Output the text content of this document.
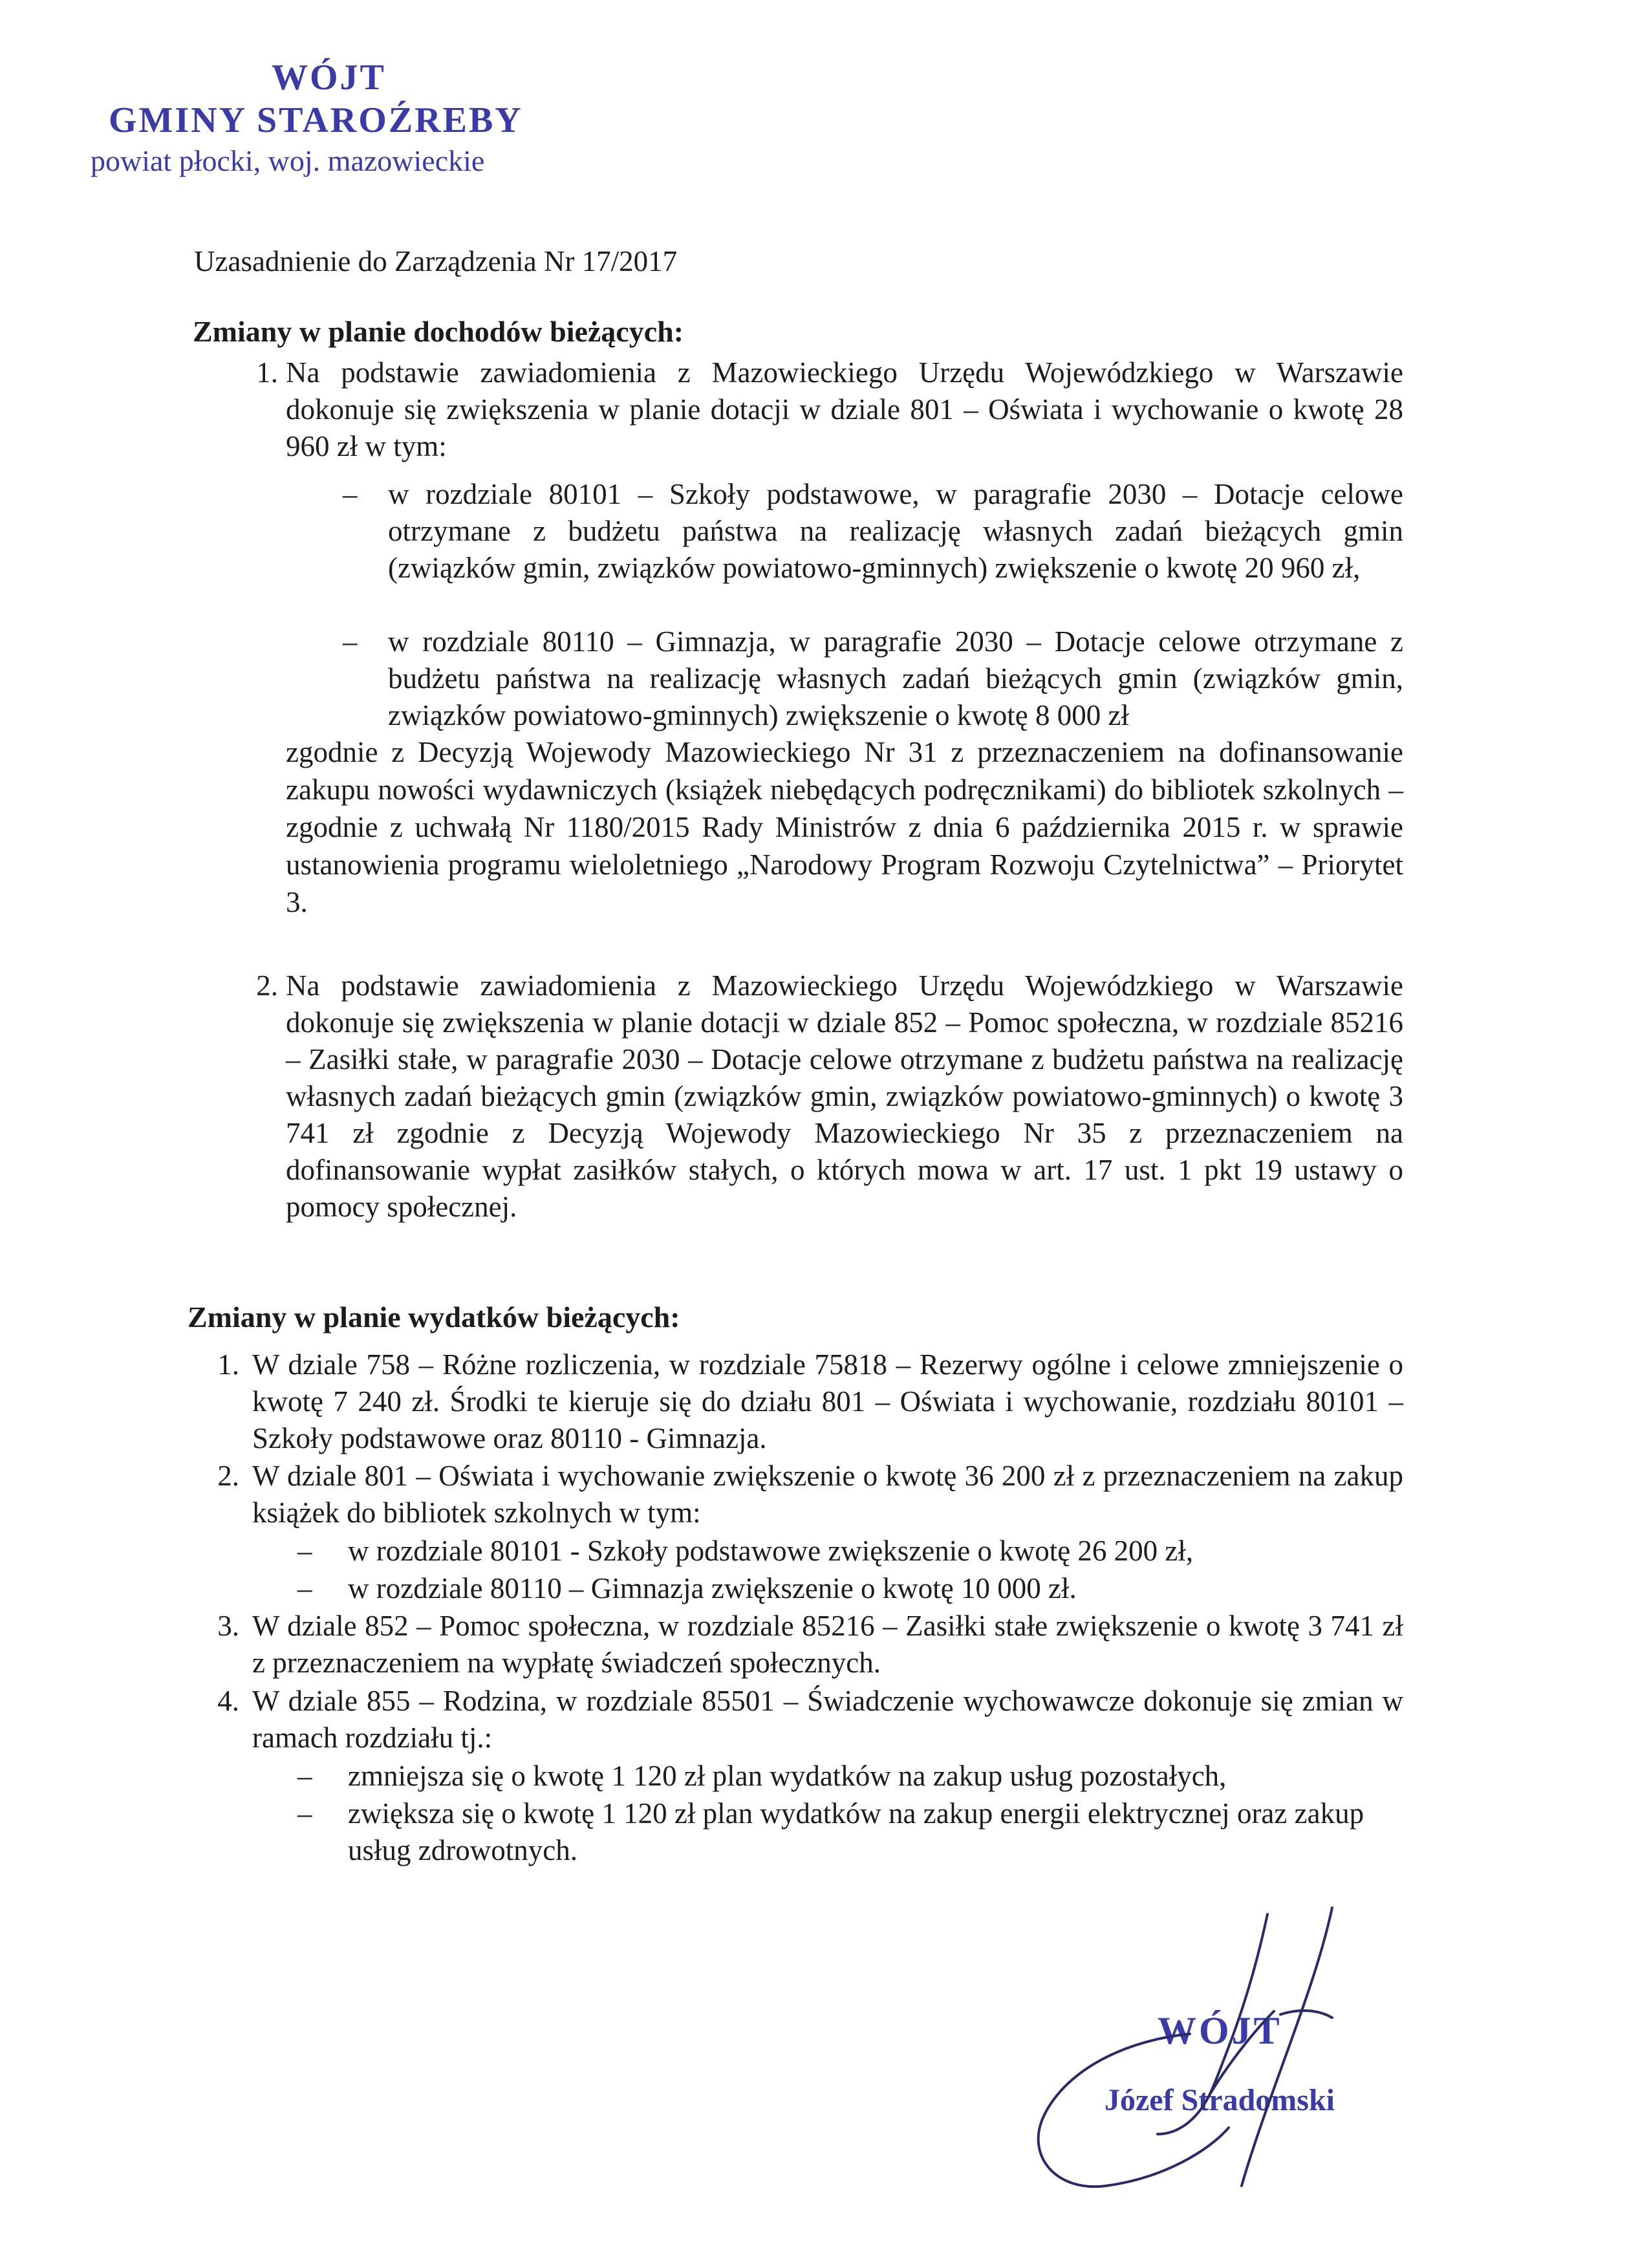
WÓJT
GMINY STAROŹREBY
powiat płocki, woj. mazowieckie
Uzasadnienie do Zarządzenia Nr 17/2017
Zmiany w planie dochodów bieżących:
1. Na podstawie zawiadomienia z Mazowieckiego Urzędu Wojewódzkiego w Warszawie dokonuje się zwiększenia w planie dotacji w dziale 801 – Oświata i wychowanie o kwotę 28 960 zł w tym:
– w rozdziale 80101 – Szkoły podstawowe, w paragrafie 2030 – Dotacje celowe otrzymane z budżetu państwa na realizację własnych zadań bieżących gmin (związków gmin, związków powiatowo-gminnych) zwiększenie o kwotę 20 960 zł,
– w rozdziale 80110 – Gimnazja, w paragrafie 2030 – Dotacje celowe otrzymane z budżetu państwa na realizację własnych zadań bieżących gmin (związków gmin, związków powiatowo-gminnych) zwiększenie o kwotę 8 000 zł
zgodnie z Decyzją Wojewody Mazowieckiego Nr 31 z przeznaczeniem na dofinansowanie zakupu nowości wydawniczych (książek niebędących podręcznikami) do bibliotek szkolnych – zgodnie z uchwałą Nr 1180/2015 Rady Ministrów z dnia 6 października 2015 r. w sprawie ustanowienia programu wieloletniego „Narodowy Program Rozwoju Czytelnictwa” – Priorytet 3.
2. Na podstawie zawiadomienia z Mazowieckiego Urzędu Wojewódzkiego w Warszawie dokonuje się zwiększenia w planie dotacji w dziale 852 – Pomoc społeczna, w rozdziale 85216 – Zasiłki stałe, w paragrafie 2030 – Dotacje celowe otrzymane z budżetu państwa na realizację własnych zadań bieżących gmin (związków gmin, związków powiatowo-gminnych) o kwotę 3 741 zł zgodnie z Decyzją Wojewody Mazowieckiego Nr 35 z przeznaczeniem na dofinansowanie wypłat zasiłków stałych, o których mowa w art. 17 ust. 1 pkt 19 ustawy o pomocy społecznej.
Zmiany w planie wydatków bieżących:
1. W dziale 758 – Różne rozliczenia, w rozdziale 75818 – Rezerwy ogólne i celowe zmniejszenie o kwotę 7 240 zł. Środki te kieruje się do działu 801 – Oświata i wychowanie, rozdziału 80101 – Szkoły podstawowe oraz 80110 - Gimnazja.
2. W dziale 801 – Oświata i wychowanie zwiększenie o kwotę 36 200 zł z przeznaczeniem na zakup książek do bibliotek szkolnych w tym:
– w rozdziale 80101 - Szkoły podstawowe zwiększenie o kwotę 26 200 zł,
– w rozdziale 80110 – Gimnazja zwiększenie o kwotę 10 000 zł.
3. W dziale 852 – Pomoc społeczna, w rozdziale 85216 – Zasiłki stałe zwiększenie o kwotę 3 741 zł z przeznaczeniem na wypłatę świadczeń społecznych.
4. W dziale 855 – Rodzina, w rozdziale 85501 – Świadczenie wychowawcze dokonuje się zmian w ramach rozdziału tj.:
– zmniejsza się o kwotę 1 120 zł plan wydatków na zakup usług pozostałych,
– zwiększa się o kwotę 1 120 zł plan wydatków na zakup energii elektrycznej oraz zakup usług zdrowotnych.
WÓJT
Józef Stradomski
